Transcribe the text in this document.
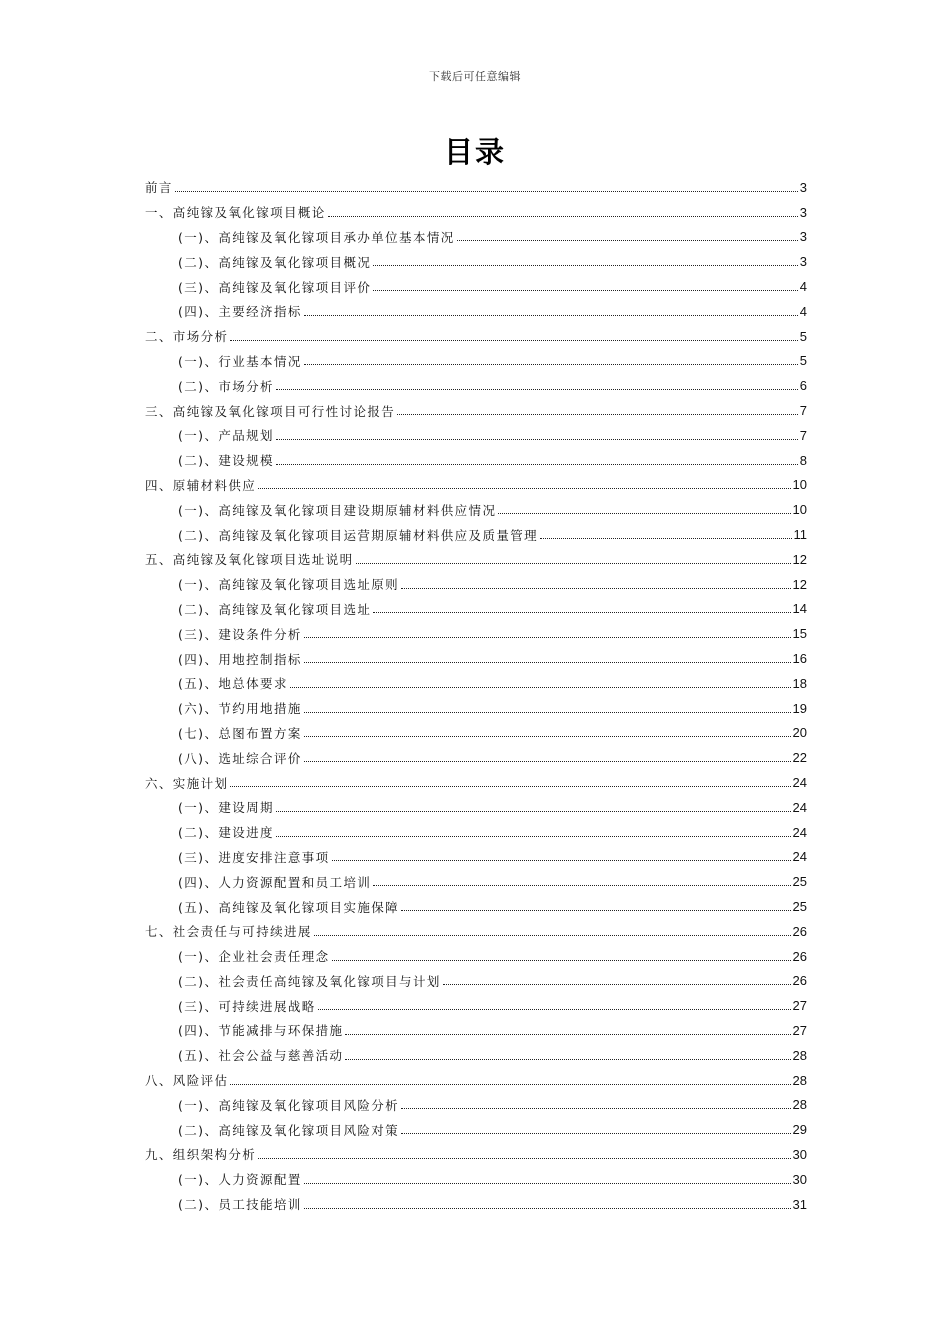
下载后可任意编辑
目录
前言	3
一、高纯镓及氧化镓项目概论	3
(一)、高纯镓及氧化镓项目承办单位基本情况	3
(二)、高纯镓及氧化镓项目概况	3
(三)、高纯镓及氧化镓项目评价	4
(四)、主要经济指标	4
二、市场分析	5
(一)、行业基本情况	5
(二)、市场分析	6
三、高纯镓及氧化镓项目可行性讨论报告	7
(一)、产品规划	7
(二)、建设规模	8
四、原辅材料供应	10
(一)、高纯镓及氧化镓项目建设期原辅材料供应情况	10
(二)、高纯镓及氧化镓项目运营期原辅材料供应及质量管理	11
五、高纯镓及氧化镓项目选址说明	12
(一)、高纯镓及氧化镓项目选址原则	12
(二)、高纯镓及氧化镓项目选址	14
(三)、建设条件分析	15
(四)、用地控制指标	16
(五)、地总体要求	18
(六)、节约用地措施	19
(七)、总图布置方案	20
(八)、选址综合评价	22
六、实施计划	24
(一)、建设周期	24
(二)、建设进度	24
(三)、进度安排注意事项	24
(四)、人力资源配置和员工培训	25
(五)、高纯镓及氧化镓项目实施保障	25
七、社会责任与可持续进展	26
(一)、企业社会责任理念	26
(二)、社会责任高纯镓及氧化镓项目与计划	26
(三)、可持续进展战略	27
(四)、节能减排与环保措施	27
(五)、社会公益与慈善活动	28
八、风险评估	28
(一)、高纯镓及氧化镓项目风险分析	28
(二)、高纯镓及氧化镓项目风险对策	29
九、组织架构分析	30
(一)、人力资源配置	30
(二)、员工技能培训	31
